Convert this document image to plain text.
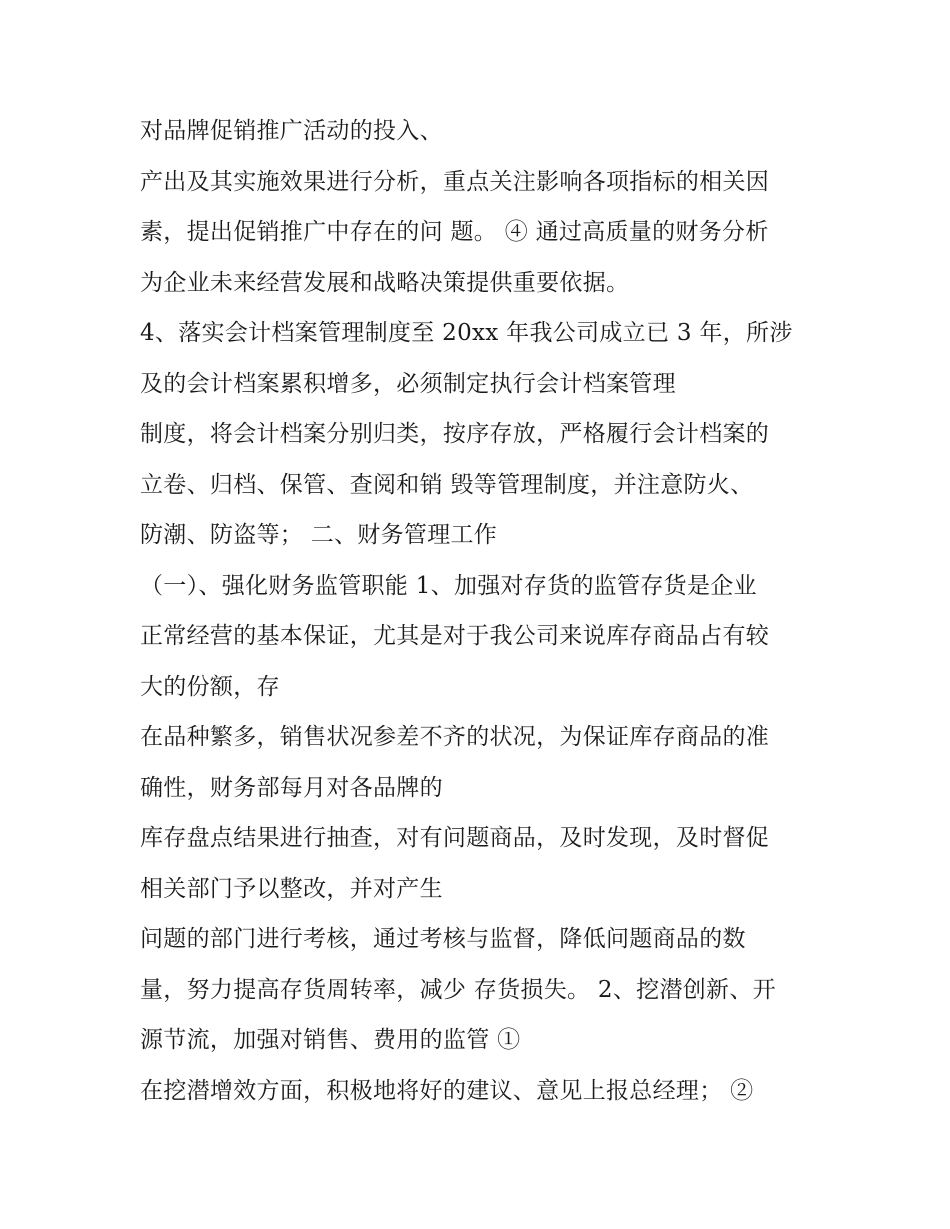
对品牌促销推广活动的投入、
产出及其实施效果进行分析，重点关注影响各项指标的相关因
素，提出促销推广中存在的问 题。 ④ 通过高质量的财务分析
为企业未来经营发展和战略决策提供重要依据。
4、落实会计档案管理制度至 20xx 年我公司成立已 3 年，所涉
及的会计档案累积增多，必须制定执行会计档案管理
制度，将会计档案分别归类，按序存放，严格履行会计档案的
立卷、归档、保管、查阅和销 毁等管理制度，并注意防火、
防潮、防盗等； 二、财务管理工作
（一）、强化财务监管职能 1、加强对存货的监管存货是企业
正常经营的基本保证，尤其是对于我公司来说库存商品占有较
大的份额，存
在品种繁多，销售状况参差不齐的状况，为保证库存商品的准
确性，财务部每月对各品牌的
库存盘点结果进行抽查，对有问题商品，及时发现，及时督促
相关部门予以整改，并对产生
问题的部门进行考核，通过考核与监督，降低问题商品的数
量，努力提高存货周转率，减少 存货损失。 2、挖潜创新、开
源节流，加强对销售、费用的监管 ①
在挖潜增效方面，积极地将好的建议、意见上报总经理； ②
